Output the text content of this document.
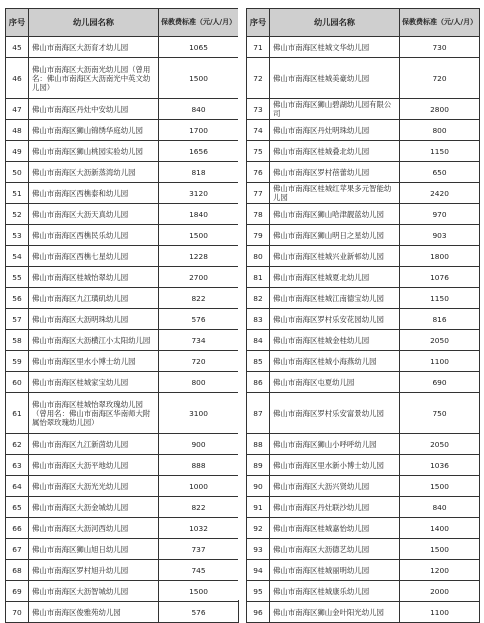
序号	幼儿园名称	保教费标准（元/人/月）
45	佛山市南海区大沥育才幼儿园	1065
46	佛山市南海区大沥南光幼儿园（曾用名：佛山市南海区大沥南光中英文幼儿园）	1500
47	佛山市南海区丹灶中安幼儿园	840
48	佛山市南海区狮山锦绣华庭幼儿园	1700
49	佛山市南海区狮山桃园实验幼儿园	1656
50	佛山市南海区大沥新蒸湾幼儿园	818
51	佛山市南海区西樵泰和幼儿园	3120
52	佛山市南海区大沥天真幼儿园	1840
53	佛山市南海区西樵民乐幼儿园	1500
54	佛山市南海区西樵七星幼儿园	1228
55	佛山市南海区桂城怡翠幼儿园	2700
56	佛山市南海区九江璜矶幼儿园	822
57	佛山市南海区大沥明珠幼儿园	576
58	佛山市南海区大沥横江小太阳幼儿园	734
59	佛山市南海区里水小博士幼儿园	720
60	佛山市南海区桂城家宝幼儿园	800
61	佛山市南海区桂城怡翠玫瑰幼儿园（曾用名：佛山市南海区华南师大附属怡翠玫瑰幼儿园）	3100
62	佛山市南海区九江新茵幼儿园	900
63	佛山市南海区大沥平地幼儿园	888
64	佛山市南海区大沥光光幼儿园	1000
65	佛山市南海区大沥金城幼儿园	822
66	佛山市南海区大沥河西幼儿园	1032
67	佛山市南海区狮山旭日幼儿园	737
68	佛山市南海区罗村旭升幼儿园	745
69	佛山市南海区大沥智城幼儿园	1500
70	佛山市南海区俊雅苑幼儿园	576
序号	幼儿园名称	保教费标准（元/人/月）
71	佛山市南海区桂城文华幼儿园	730
72	佛山市南海区桂城美豪幼儿园	720
73	佛山市南海区狮山碧湖幼儿园有限公司	2800
74	佛山市南海区丹灶明珠幼儿园	800
75	佛山市南海区桂城叠北幼儿园	1150
76	佛山市南海区罗村蓓蕾幼儿园	650
77	佛山市南海区桂城红苹果多元智能幼儿园	2420
78	佛山市南海区狮山哈津靓蓝幼儿园	970
79	佛山市南海区狮山明日之星幼儿园	903
80	佛山市南海区桂城兴业新邨幼儿园	1800
81	佛山市南海区桂城夏北幼儿园	1076
82	佛山市南海区桂城江南德宝幼儿园	1150
83	佛山市南海区罗村乐安花园幼儿园	816
84	佛山市南海区桂城金桂幼儿园	2050
85	佛山市南海区桂城小海燕幼儿园	1100
86	佛山市南海区屯夏幼儿园	690
87	佛山市南海区罗村乐安富景幼儿园	750
88	佛山市南海区狮山小呼呼幼儿园	2050
89	佛山市南海区里水新小博士幼儿园	1036
90	佛山市南海区大沥兴贤幼儿园	1500
91	佛山市南海区丹灶联沙幼儿园	840
92	佛山市南海区桂城嘉怡幼儿园	1400
93	佛山市南海区大沥德艺幼儿园	1500
94	佛山市南海区桂城丽明幼儿园	1200
95	佛山市南海区桂城康乐幼儿园	2000
96	佛山市南海区狮山金叶阳光幼儿园	1100
